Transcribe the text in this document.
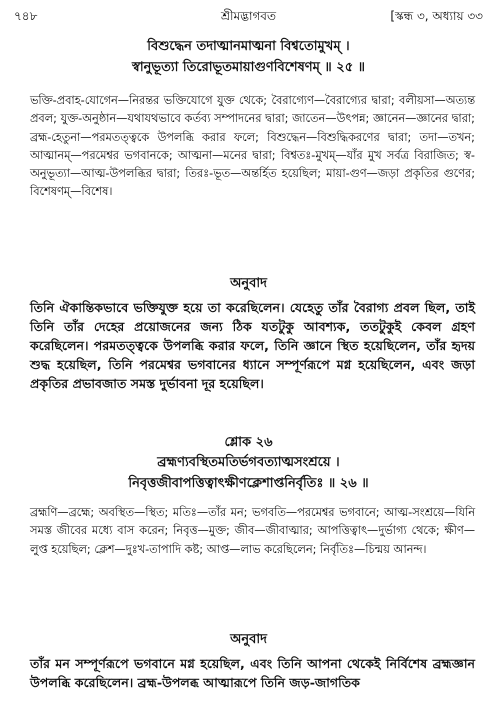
৭৪৮	শ্রীমদ্ভাগবত	[স্কন্ধ ৩, অধ্যায় ৩৩
বিশুদ্ধেন তদাত্মানমাত্মনা বিশ্বতোমুখম্‌ ।
স্বানুভূত্যা তিরোভূতমায়াগুণবিশেষণম্‌ ॥ ২৫ ॥
ভক্তি-প্রবাহ-যোগেন—নিরন্তর ভক্তিযোগে যুক্ত থেকে; বৈরাগ্যেণ—বৈরাগ্যের দ্বারা; বলীয়সা—অত্যন্ত প্রবল; যুক্ত-অনুষ্ঠান—যথাযথভাবে কর্তব্য সম্পাদনের দ্বারা; জাতেন—উৎপন্ন; জ্ঞানেন—জ্ঞানের দ্বারা; ব্রহ্ম-হেতুনা—পরমতত্ত্বকে উপলব্ধি করার ফলে; বিশুদ্ধেন—বিশুদ্ধিকরণের দ্বারা; তদা—তখন; আত্মানম্‌—পরমেশ্বর ভগবানকে; আত্মনা—মনের দ্বারা; বিশ্বতঃ-মুখম্‌—যাঁর মুখ সর্বত্র বিরাজিত; স্ব-অনুভূত্যা—আত্ম-উপলব্ধির দ্বারা; তিরঃ-ভূত—অন্তর্হিত হয়েছিল; মায়া-গুণ—জড়া প্রকৃতির গুণের; বিশেষণম্‌—বিশেষ।
অনুবাদ
তিনি ঐকান্তিকভাবে ভক্তিযুক্ত হয়ে তা করেছিলেন। যেহেতু তাঁর বৈরাগ্য প্রবল ছিল, তাই তিনি তাঁর দেহের প্রয়োজনের জন্য ঠিক যতটুকু আবশ্যক, ততটুকুই কেবল গ্রহণ করেছিলেন। পরমতত্ত্বকে উপলব্ধি করার ফলে, তিনি জ্ঞানে স্থিত হয়েছিলেন, তাঁর হৃদয় শুদ্ধ হয়েছিল, তিনি পরমেশ্বর ভগবানের ধ্যানে সম্পূর্ণরূপে মগ্ন হয়েছিলেন, এবং জড়া প্রকৃতির প্রভাবজাত সমস্ত দুর্ভাবনা দূর হয়েছিল।
শ্লোক ২৬
ব্রহ্মণ্যবস্থিতমতির্ভগবত্যাত্মসংশ্রয়ে ।
নিবৃত্তজীবাপত্তিত্বাৎক্ষীণক্লেশাপ্তনির্বৃতিঃ ॥ ২৬ ॥
ব্রহ্মণি—ব্রহ্মে; অবস্থিত—স্থিত; মতিঃ—তাঁর মন; ভগবতি—পরমেশ্বর ভগবানে; আত্ম-সংশ্রয়ে—যিনি সমস্ত জীবের মধ্যে বাস করেন; নিবৃত্ত—মুক্ত; জীব—জীবাত্মার; আপত্তিত্বাৎ—দুর্ভাগ্য থেকে; ক্ষীণ—লুপ্ত হয়েছিল; ক্লেশ—দুঃখ-তাপাদি কষ্ট; আপ্ত—লাভ করেছিলেন; নির্বৃতিঃ—চিন্ময় আনন্দ।
অনুবাদ
তাঁর মন সম্পূর্ণরূপে ভগবানে মগ্ন হয়েছিল, এবং তিনি আপনা থেকেই নির্বিশেষ ব্রহ্মজ্ঞান উপলব্ধি করেছিলেন। ব্রহ্ম-উপলব্ধ আত্মারূপে তিনি জড়-জাগতিক
